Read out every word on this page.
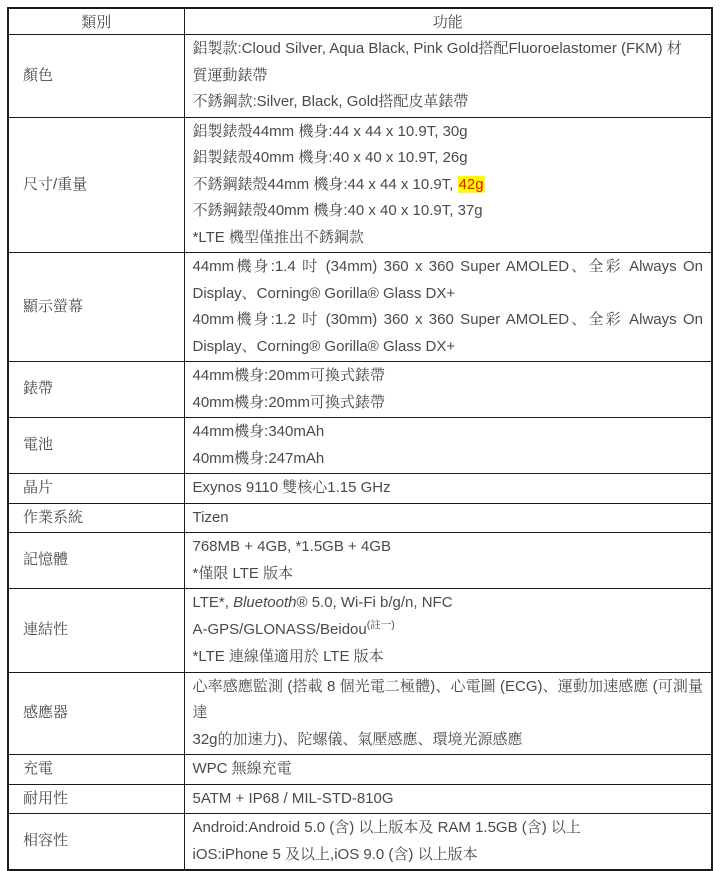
類別	功能
顏色	鋁製款:Cloud Silver, Aqua Black, Pink Gold搭配Fluoroelastomer (FKM) 材
質運動錶帶
不銹鋼款:Silver, Black, Gold搭配皮革錶帶

尺寸/重量	鋁製錶殼44mm 機身:44 x 44 x 10.9T, 30g
鋁製錶殼40mm 機身:40 x 40 x 10.9T, 26g
不銹鋼錶殼44mm 機身:44 x 44 x 10.9T, 42g
不銹鋼錶殼40mm 機身:40 x 40 x 10.9T, 37g
*LTE 機型僅推出不銹鋼款

顯示螢幕	44mm機身:1.4 吋 (34mm) 360 x 360 Super AMOLED、全彩 Always On
Display、Corning® Gorilla® Glass DX+
40mm機身:1.2 吋 (30mm) 360 x 360 Super AMOLED、全彩 Always On
Display、Corning® Gorilla® Glass DX+

錶帶	44mm機身:20mm可換式錶帶
40mm機身:20mm可換式錶帶

電池	44mm機身:340mAh
40mm機身:247mAh

晶片	Exynos 9110 雙核心1.15 GHz

作業系統	Tizen

記憶體	768MB + 4GB, *1.5GB + 4GB
*僅限 LTE 版本

連結性	LTE*, Bluetooth® 5.0, Wi-Fi b/g/n, NFC
A-GPS/GLONASS/Beidou$^{(註一)}$
*LTE 連線僅適用於 LTE 版本

感應器	心率感應監測 (搭載 8 個光電二極體)、心電圖 (ECG)、運動加速感應 (可測量達
32g的加速力)、陀螺儀、氣壓感應、環境光源感應

充電	WPC 無線充電

耐用性	5ATM + IP68 / MIL-STD-810G

相容性	Android:Android 5.0 (含) 以上版本及 RAM 1.5GB (含) 以上
iOS:iPhone 5 及以上,iOS 9.0 (含) 以上版本
